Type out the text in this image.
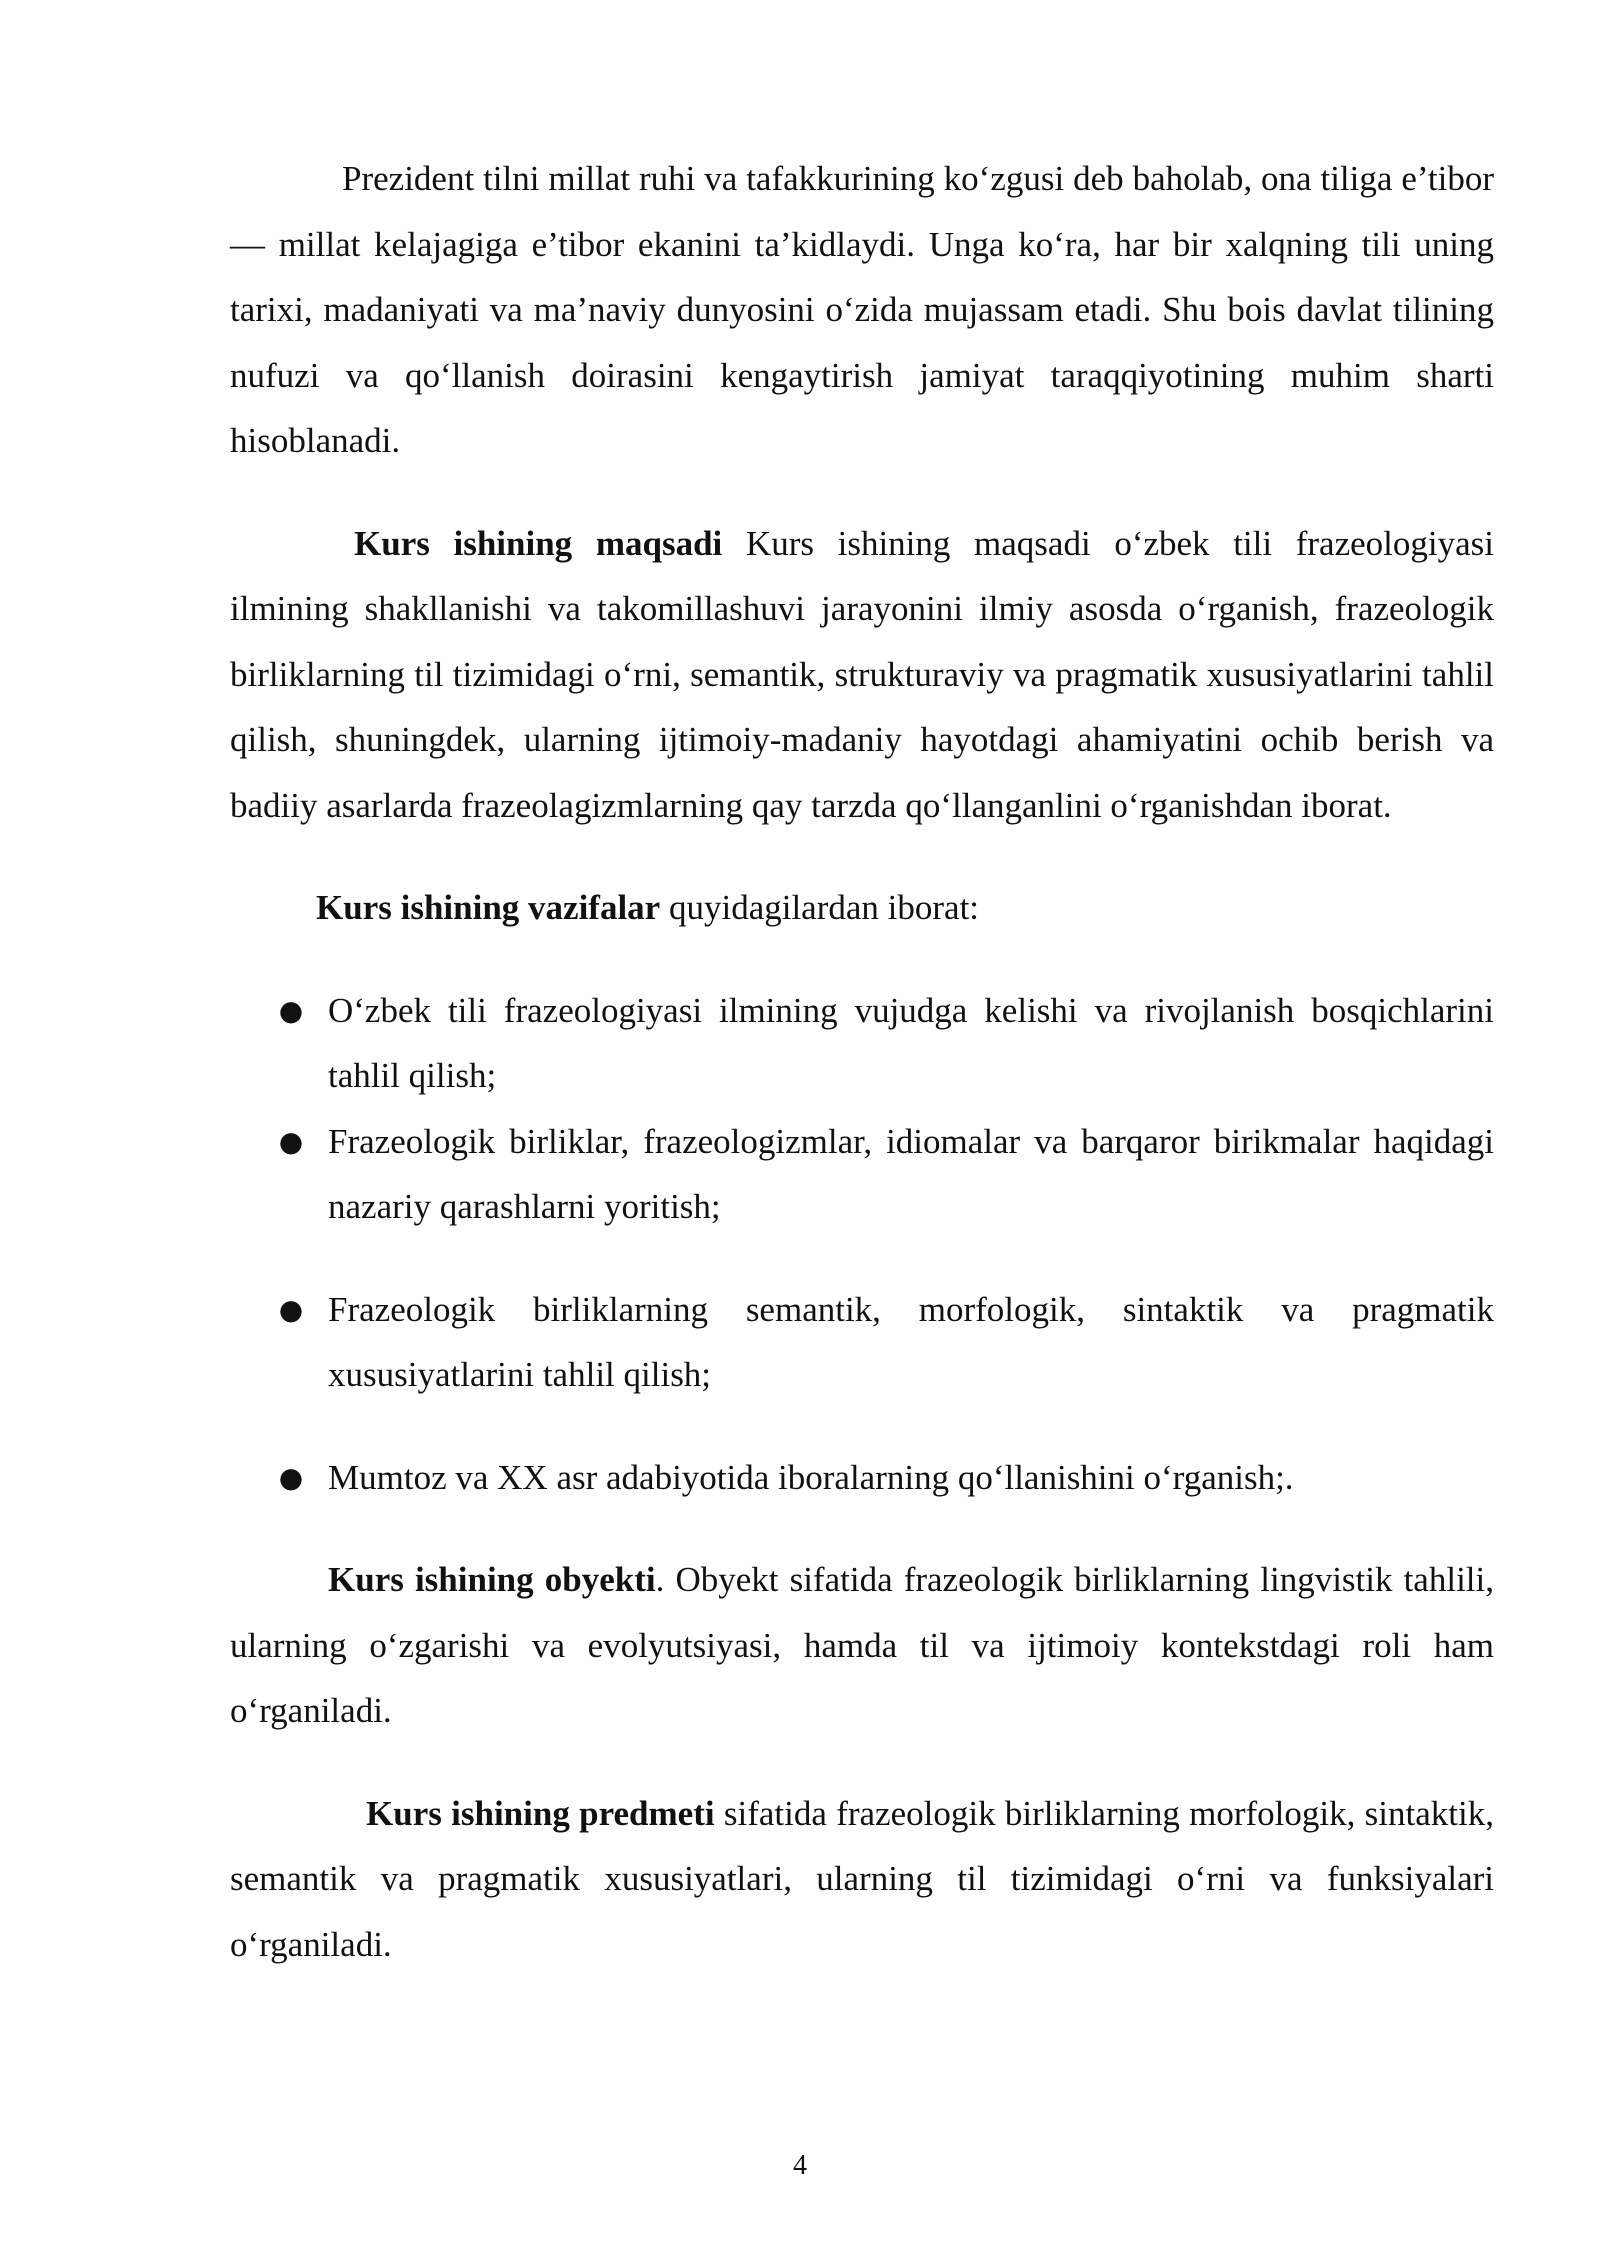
Prezident tilni millat ruhi va tafakkurining ko‘zgusi deb baholab, ona tiliga e’tibor — millat kelajagiga e’tibor ekanini ta’kidlaydi. Unga ko‘ra, har bir xalqning tili uning tarixi, madaniyati va ma’naviy dunyosini o‘zida mujassam etadi. Shu bois davlat tilining nufuzi va qo‘llanish doirasini kengaytirish jamiyat taraqqiyotining muhim sharti hisoblanadi.

Kurs ishining maqsadi Kurs ishining maqsadi o‘zbek tili frazeologiyasi ilmining shakllanishi va takomillashuvi jarayonini ilmiy asosda o‘rganish, frazeologik birliklarning til tizimidagi o‘rni, semantik, strukturaviy va pragmatik xususiyatlarini tahlil qilish, shuningdek, ularning ijtimoiy-madaniy hayotdagi ahamiyatini ochib berish va badiiy asarlarda frazeolagizmlarning qay tarzda qo‘llanganlini o‘rganishdan iborat.

Kurs ishining vazifalar quyidagilardan iborat:

● O‘zbek tili frazeologiyasi ilmining vujudga kelishi va rivojlanish bosqichlarini tahlil qilish;
● Frazeologik birliklar, frazeologizmlar, idiomalar va barqaror birikmalar haqidagi nazariy qarashlarni yoritish;
● Frazeologik birliklarning semantik, morfologik, sintaktik va pragmatik xususiyatlarini tahlil qilish;
● Mumtoz va XX asr adabiyotida iboralarning qo‘llanishini o‘rganish;.

Kurs ishining obyekti. Obyekt sifatida frazeologik birliklarning lingvistik tahlili, ularning o‘zgarishi va evolyutsiyasi, hamda til va ijtimoiy kontekstdagi roli ham o‘rganiladi.

Kurs ishining predmeti sifatida frazeologik birliklarning morfologik, sintaktik, semantik va pragmatik xususiyatlari, ularning til tizimidagi o‘rni va funksiyalari o‘rganiladi.

4
